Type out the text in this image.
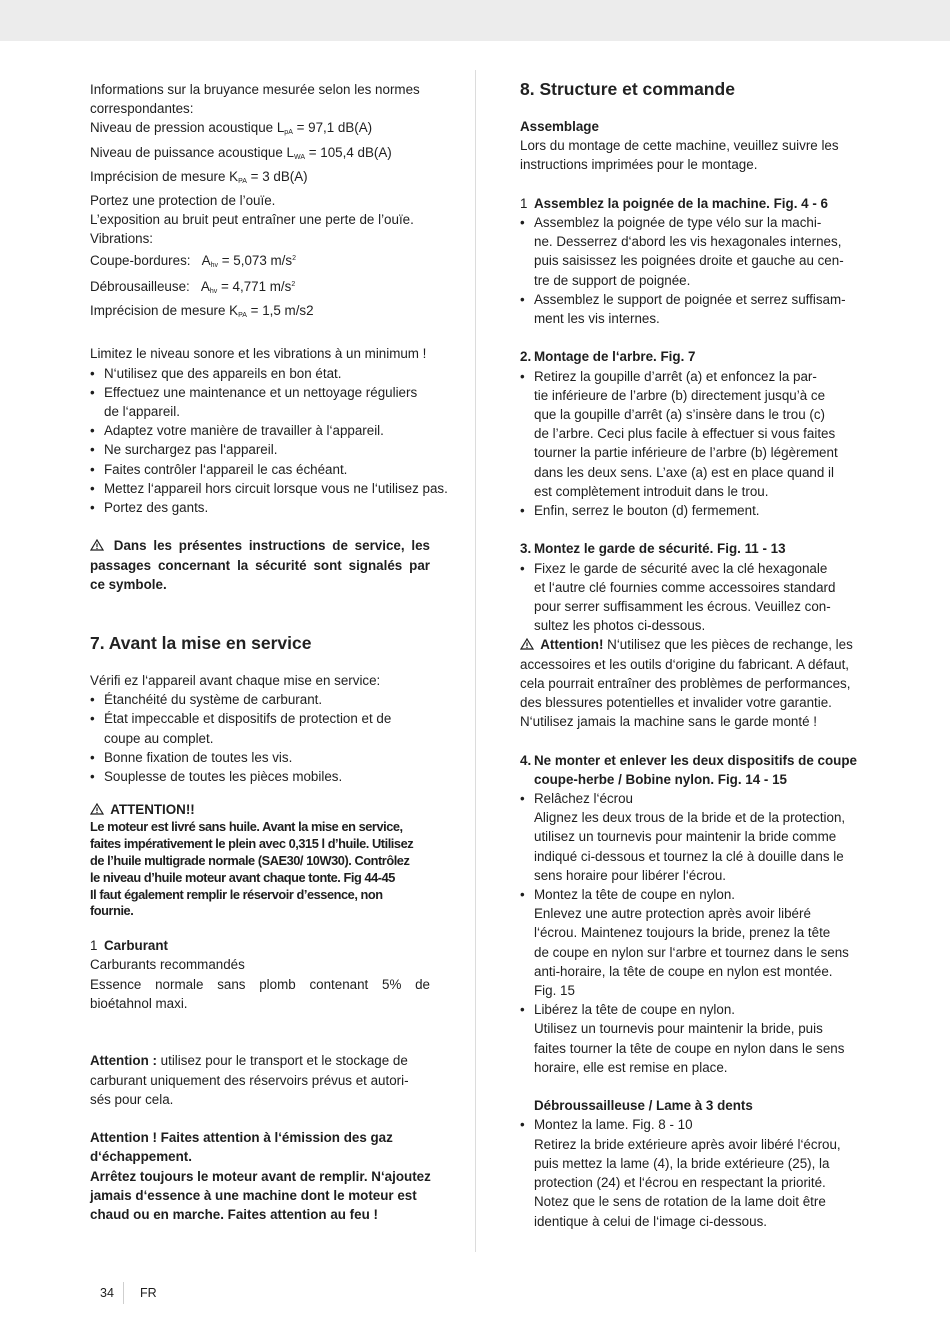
Informations sur la bruyance mesurée selon les normes
correspondantes:
Niveau de pression acoustique $L_{pA} = 97,1$ dB(A)
Niveau de puissance acoustique $L_{WA} = 105,4$ dB(A)
Imprécision de mesure $K_{PA} = 3$ dB(A)
Portez une protection de l’ouïe.
L’exposition au bruit peut entraîner une perte de l’ouïe.
Vibrations:
Coupe-bordures: $A_{hv} = 5,073$ $m/s^2$
Débrousailleuse: $A_{hv} = 4,771$ $m/s^2$
Imprécision de mesure $K_{PA} = 1,5$ m/s2
Limitez le niveau sonore et les vibrations à un minimum !
• N‘utilisez que des appareils en bon état.
• Effectuez une maintenance et un nettoyage réguliers
de l‘appareil.
• Adaptez votre manière de travailler à l‘appareil.
• Ne surchargez pas l‘appareil.
• Faites contrôler l‘appareil le cas échéant.
• Mettez l‘appareil hors circuit lorsque vous ne l‘utilisez pas.
• Portez des gants.
Dans les présentes instructions de service, les
passages concernant la sécurité sont signalés par
ce symbole.
7. Avant la mise en service
Vérifi ez l‘appareil avant chaque mise en service:
• Étanchéité du système de carburant.
• État impeccable et dispositifs de protection et de
coupe au complet.
• Bonne fixation de toutes les vis.
• Souplesse de toutes les pièces mobiles.
ATTENTION!!
Le moteur est livré sans huile. Avant la mise en service,
faites impérativement le plein avec 0,315 l d’huile. Utilisez
de l’huile multigrade normale (SAE30/ 10W30). Contrôlez
le niveau d’huile moteur avant chaque tonte. Fig 44-45
Il faut également remplir le réservoir d’essence, non
fournie.
1 Carburant
Carburants recommandés
Essence normale sans plomb contenant 5% de
bioétahnol maxi.
Attention : utilisez pour le transport et le stockage de
carburant uniquement des réservoirs prévus et autori-
sés pour cela.
Attention ! Faites attention à l‘émission des gaz
d‘échappement.
Arrêtez toujours le moteur avant de remplir. N‘ajoutez
jamais d‘essence à une machine dont le moteur est
chaud ou en marche. Faites attention au feu !
8. Structure et commande
Assemblage
Lors du montage de cette machine, veuillez suivre les
instructions imprimées pour le montage.
1 Assemblez la poignée de la machine. Fig. 4 - 6
• Assemblez la poignée de type vélo sur la machi-
ne. Desserrez d‘abord les vis hexagonales internes,
puis saisissez les poignées droite et gauche au cen-
tre de support de poignée.
• Assemblez le support de poignée et serrez suffisam-
ment les vis internes.
2. Montage de l‘arbre. Fig. 7
• Retirez la goupille d’arrêt (a) et enfoncez la par-
tie inférieure de l’arbre (b) directement jusqu’à ce
que la goupille d’arrêt (a) s’insère dans le trou (c)
de l’arbre. Ceci plus facile à effectuer si vous faites
tourner la partie inférieure de l’arbre (b) légèrement
dans les deux sens. L’axe (a) est en place quand il
est complètement introduit dans le trou.
• Enfin, serrez le bouton (d) fermement.
3. Montez le garde de sécurité. Fig. 11 - 13
• Fixez le garde de sécurité avec la clé hexagonale
et l‘autre clé fournies comme accessoires standard
pour serrer suffisamment les écrous. Veuillez con-
sultez les photos ci-dessous.
Attention! N‘utilisez que les pièces de rechange, les
accessoires et les outils d‘origine du fabricant. A défaut,
cela pourrait entraîner des problèmes de performances,
des blessures potentielles et invalider votre garantie.
N‘utilisez jamais la machine sans le garde monté !
4. Ne monter et enlever les deux dispositifs de coupe
coupe-herbe / Bobine nylon. Fig. 14 - 15
• Relâchez l‘écrou
Alignez les deux trous de la bride et de la protection,
utilisez un tournevis pour maintenir la bride comme
indiqué ci-dessous et tournez la clé à douille dans le
sens horaire pour libérer l‘écrou.
• Montez la tête de coupe en nylon.
Enlevez une autre protection après avoir libéré
l‘écrou. Maintenez toujours la bride, prenez la tête
de coupe en nylon sur l‘arbre et tournez dans le sens
anti-horaire, la tête de coupe en nylon est montée.
Fig. 15
• Libérez la tête de coupe en nylon.
Utilisez un tournevis pour maintenir la bride, puis
faites tourner la tête de coupe en nylon dans le sens
horaire, elle est remise en place.
Débroussailleuse / Lame à 3 dents
• Montez la lame. Fig. 8 - 10
Retirez la bride extérieure après avoir libéré l‘écrou,
puis mettez la lame (4), la bride extérieure (25), la
protection (24) et l‘écrou en respectant la priorité.
Notez que le sens de rotation de la lame doit être
identique à celui de l‘image ci-dessous.
34 FR
